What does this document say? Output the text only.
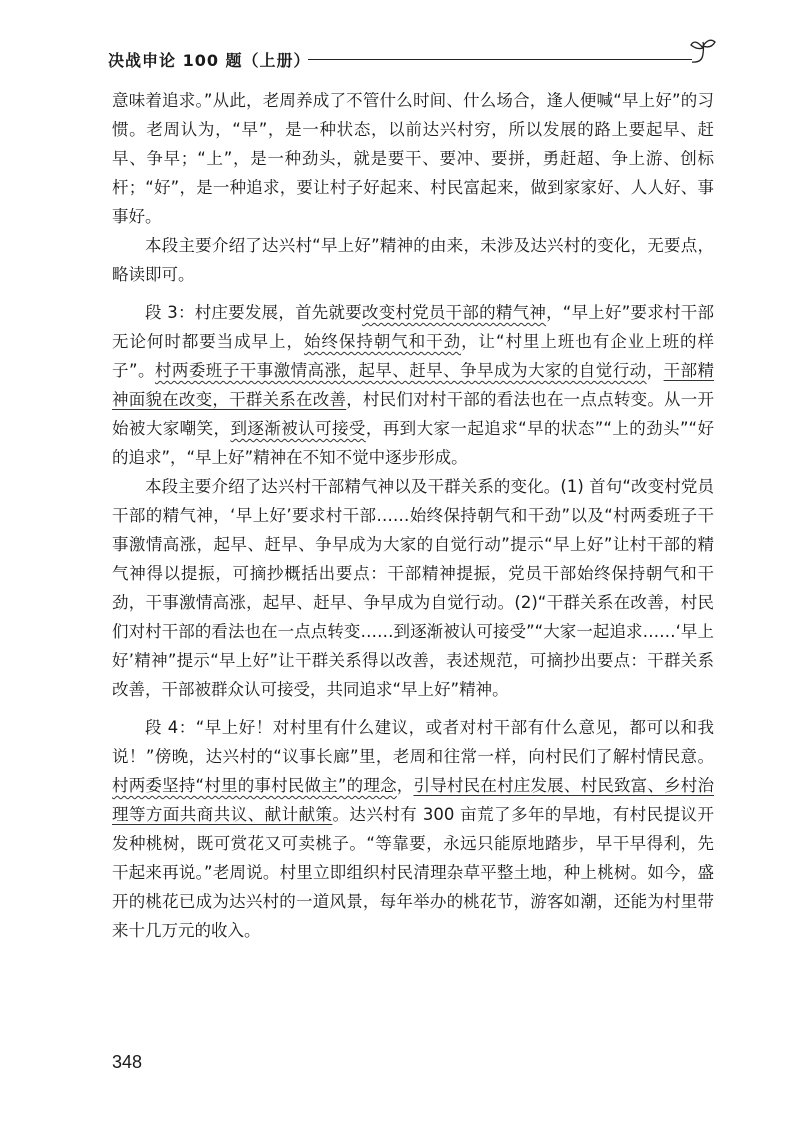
决战申论 100 题（上册）

意味着追求。”从此，老周养成了不管什么时间、什么场合，逢人便喊“早上好”的习惯。老周认为，“早”，是一种状态，以前达兴村穷，所以发展的路上要起早、赶早、争早；“上”，是一种劲头，就是要干、要冲、要拼，勇赶超、争上游、创标杆；“好”，是一种追求，要让村子好起来、村民富起来，做到家家好、人人好、事事好。

本段主要介绍了达兴村“早上好”精神的由来，未涉及达兴村的变化，无要点，略读即可。

段 3：村庄要发展，首先就要改变村党员干部的精气神，“早上好”要求村干部无论何时都要当成早上，始终保持朝气和干劲，让“村里上班也有企业上班的样子”。村两委班子干事激情高涨，起早、赶早、争早成为大家的自觉行动，干部精神面貌在改变，干群关系在改善，村民们对村干部的看法也在一点点转变。从一开始被大家嘲笑，到逐渐被认可接受，再到大家一起追求“早的状态”“上的劲头”“好的追求”，“早上好”精神在不知不觉中逐步形成。

本段主要介绍了达兴村干部精气神以及干群关系的变化。(1) 首句“改变村党员干部的精气神，‘早上好’要求村干部……始终保持朝气和干劲”以及“村两委班子干事激情高涨，起早、赶早、争早成为大家的自觉行动”提示“早上好”让村干部的精气神得以提振，可摘抄概括出要点：干部精神提振，党员干部始终保持朝气和干劲，干事激情高涨，起早、赶早、争早成为自觉行动。(2)“干群关系在改善，村民们对村干部的看法也在一点点转变……到逐渐被认可接受”“大家一起追求……‘早上好’精神”提示“早上好”让干群关系得以改善，表述规范，可摘抄出要点：干群关系改善，干部被群众认可接受，共同追求“早上好”精神。

段 4：“早上好！对村里有什么建议，或者对村干部有什么意见，都可以和我说！”傍晚，达兴村的“议事长廊”里，老周和往常一样，向村民们了解村情民意。村两委坚持“村里的事村民做主”的理念，引导村民在村庄发展、村民致富、乡村治理等方面共商共议、献计献策。达兴村有 300 亩荒了多年的旱地，有村民提议开发种桃树，既可赏花又可卖桃子。“等靠要，永远只能原地踏步，早干早得利，先干起来再说。”老周说。村里立即组织村民清理杂草平整土地，种上桃树。如今，盛开的桃花已成为达兴村的一道风景，每年举办的桃花节，游客如潮，还能为村里带来十几万元的收入。

348
